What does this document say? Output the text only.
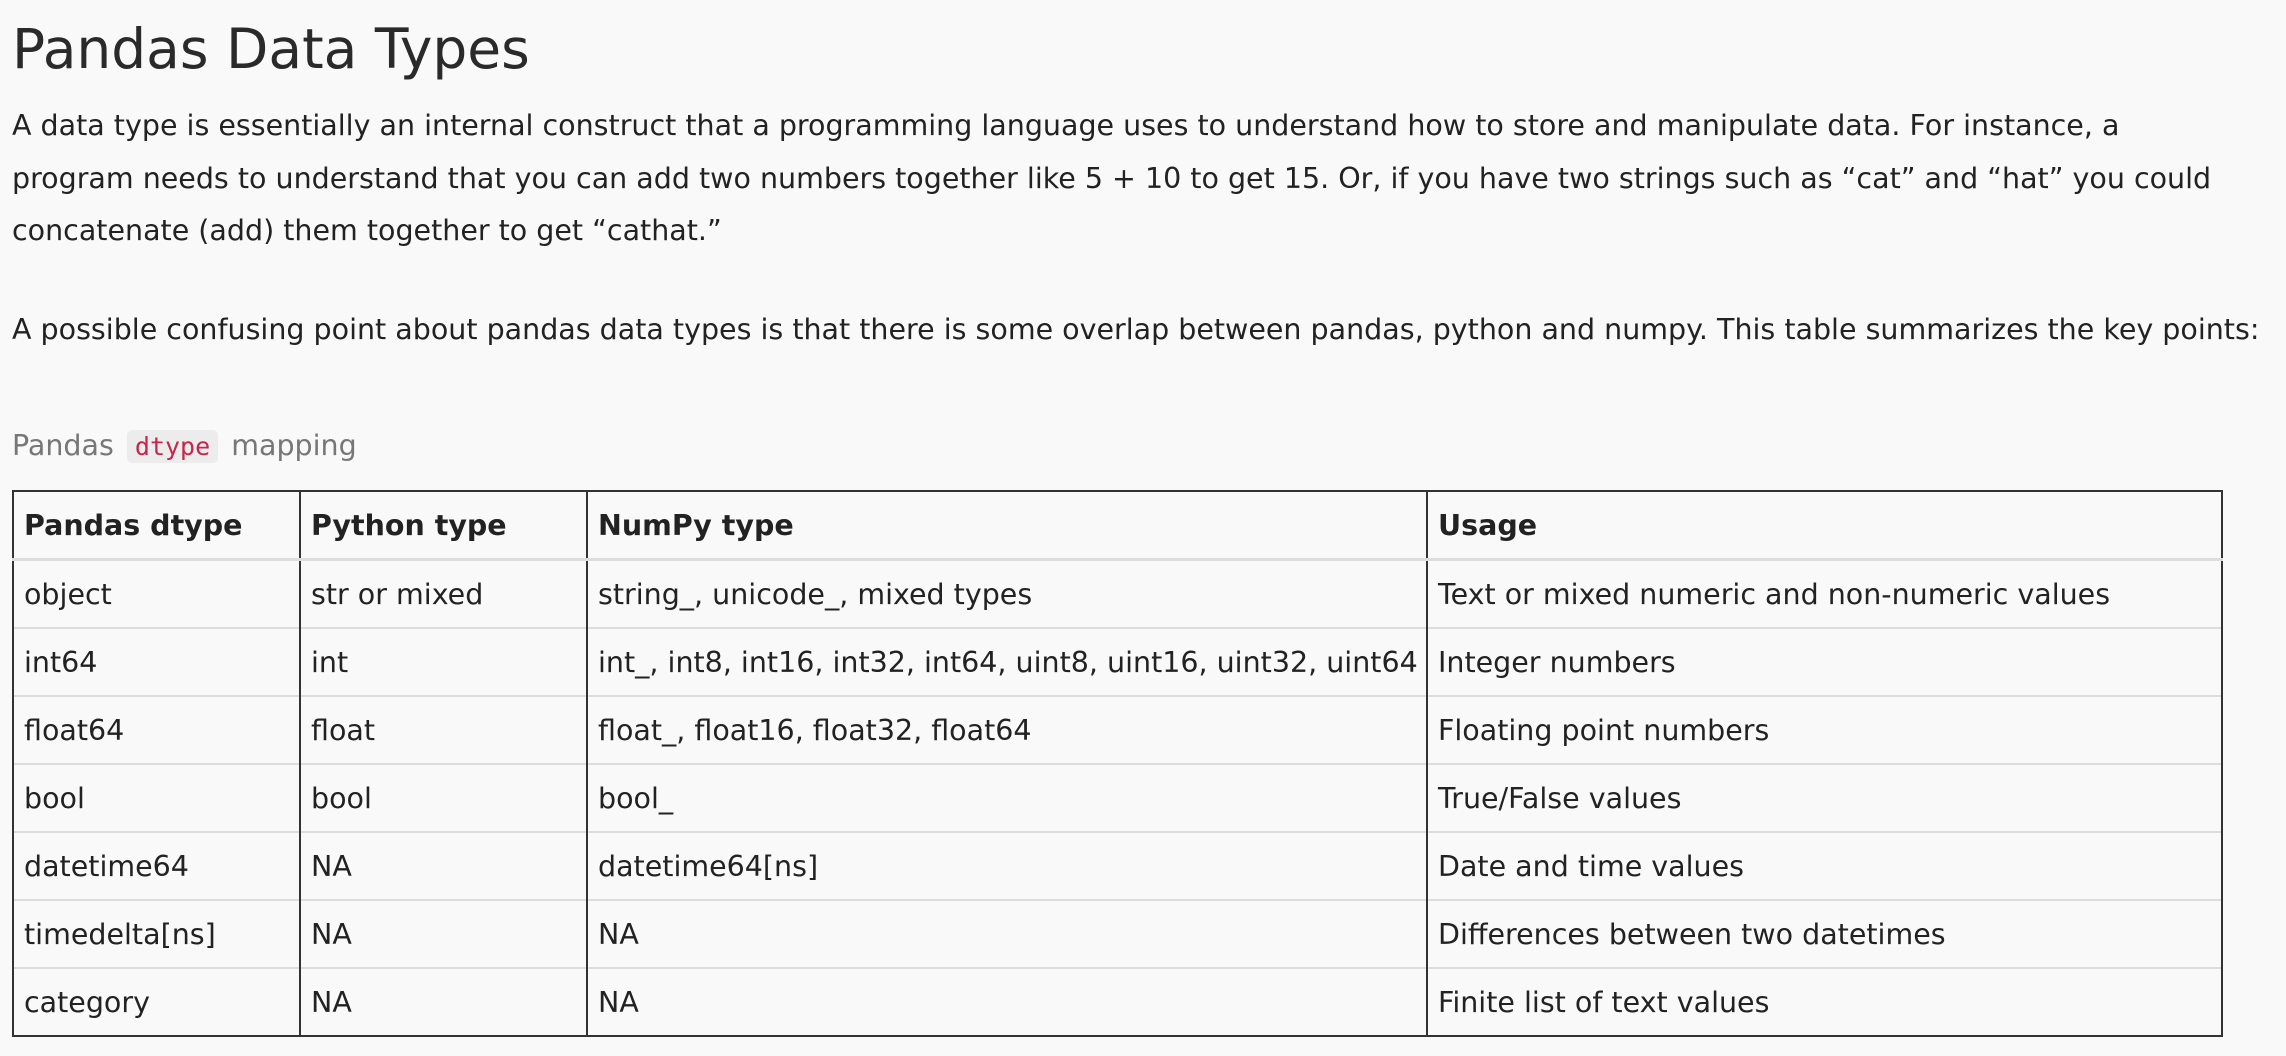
Pandas Data Types

A data type is essentially an internal construct that a programming language uses to understand how to store and manipulate data. For instance, a program needs to understand that you can add two numbers together like 5 + 10 to get 15. Or, if you have two strings such as “cat” and “hat” you could concatenate (add) them together to get “cathat.”

A possible confusing point about pandas data types is that there is some overlap between pandas, python and numpy. This table summarizes the key points:

Pandas dtype mapping
Pandas dtype	Python type	NumPy type	Usage
object	str or mixed	string_, unicode_, mixed types	Text or mixed numeric and non-numeric values
int64	int	int_, int8, int16, int32, int64, uint8, uint16, uint32, uint64	Integer numbers
float64	float	float_, float16, float32, float64	Floating point numbers
bool	bool	bool_	True/False values
datetime64	NA	datetime64[ns]	Date and time values
timedelta[ns]	NA	NA	Differences between two datetimes
category	NA	NA	Finite list of text values
